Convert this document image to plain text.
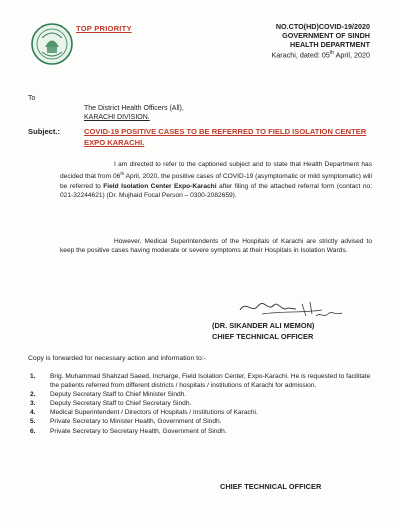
TOP PRIORITY	NO.CTO(HD)COVID-19/2020
GOVERNMENT OF SINDH
HEALTH DEPARTMENT
Karachi, dated: 05th April, 2020
To
The District Health Officers (All),
KARACHI DIVISION.
Subject.:	COVID-19 POSITIVE CASES TO BE REFERRED TO FIELD ISOLATION CENTER EXPO KARACHI.
I am directed to refer to the captioned subject and to state that Health Department has decided that from 06th April, 2020, the positive cases of COVID-19 (asymptomatic or mild symptomatic) will be referred to Field Isolation Center Expo-Karachi after filing of the attached referral form (contact no: 021-32244621) (Dr. Mujhaid Focal Person – 0300-2082659).
However, Medical Superintendents of the Hospitals of Karachi are strictly advised to keep the positive cases having moderate or severe symptoms at their Hospitals in Isolation Wards.
(DR. SIKANDER ALI MEMON)
CHIEF TECHNICAL OFFICER
Copy is forwarded for necessary action and information to:-
1. Brig. Muhammad Shahzad Saeed, Incharge, Field Isolation Center, Expo-Karachi. He is requested to facilitate the patients referred from different districts / hospitals / institutions of Karachi for admission.
2. Deputy Secretary Staff to Chief Minister Sindh.
3. Deputy Secretary Staff to Chief Secretary Sindh.
4. Medical Superintendent / Directors of Hospitals / Institutions of Karachi.
5. Private Secretary to Minister Health, Government of Sindh.
6. Private Secretary to Secretary Health, Government of Sindh.
CHIEF TECHNICAL OFFICER
